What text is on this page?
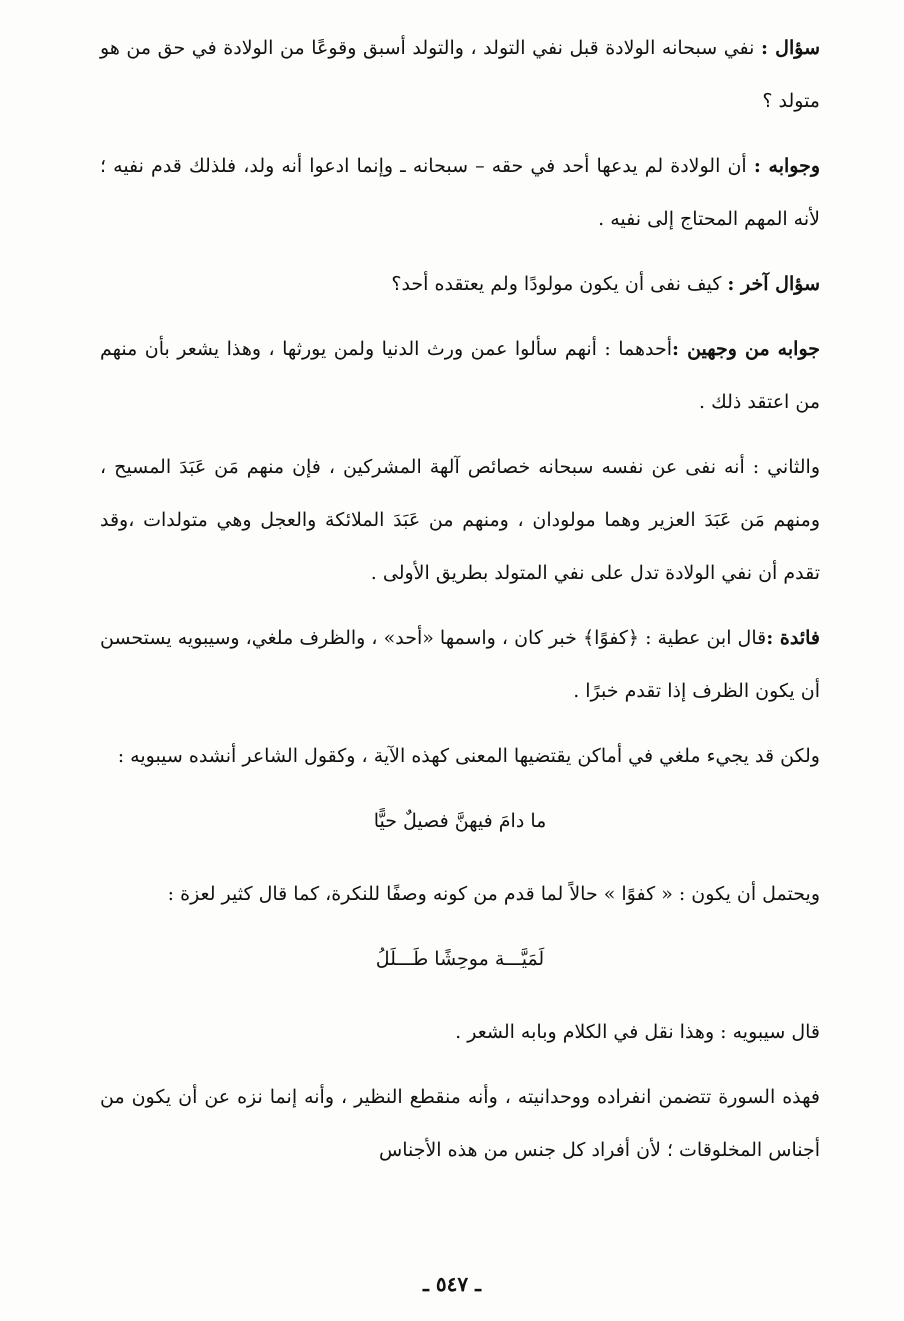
سؤال : نفي سبحانه الولادة قبل نفي التولد ، والتولد أسبق وقوعًا من الولادة في حق من هو متولد ؟

وجوابه : أن الولادة لم يدعها أحد في حقه – سبحانه ـ وإنما ادعوا أنه ولد، فلذلك قدم نفيه ؛ لأنه المهم المحتاج إلى نفيه .

سؤال آخر : كيف نفى أن يكون مولودًا ولم يعتقده أحد؟

جوابه من وجهين :أحدهما : أنهم سألوا عمن ورث الدنيا ولمن يورثها ، وهذا يشعر بأن منهم من اعتقد ذلك .

والثاني : أنه نفى عن نفسه سبحانه خصائص آلهة المشركين ، فإن منهم مَن عَبَدَ المسيح ، ومنهم مَن عَبَدَ العزير وهما مولودان ، ومنهم من عَبَدَ الملائكة والعجل وهي متولدات ،وقد تقدم أن نفي الولادة تدل على نفي المتولد بطريق الأولى .

فائدة :قال ابن عطية : ﴿كفوًا﴾ خبر كان ، واسمها «أحد» ، والظرف ملغي، وسيبويه يستحسن أن يكون الظرف إذا تقدم خبرًا .

ولكن قد يجيء ملغي في أماكن يقتضيها المعنى كهذه الآية ، وكقول الشاعر أنشده سيبويه :

ما دامَ فيهنَّ فصيلٌ حيًّا

ويحتمل أن يكون : « كفوًا » حالاً لما قدم من كونه وصفًا للنكرة، كما قال كثير لعزة :

لَمَيَّـــة موحِشًا طَـــلَلُ

قال سيبويه : وهذا نقل في الكلام وبابه الشعر .

فهذه السورة تتضمن انفراده ووحدانيته ، وأنه منقطع النظير ، وأنه إنما نزه عن أن يكون من أجناس المخلوقات ؛ لأن أفراد كل جنس من هذه الأجناس

ـ ٥٤٧ ـ
